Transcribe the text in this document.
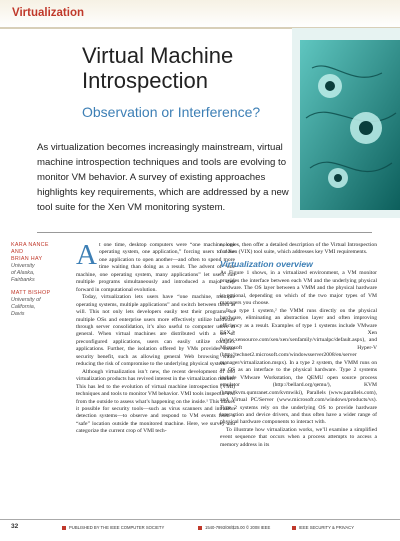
Virtualization
Virtual Machine Introspection
Observation or Interference?
As virtualization becomes increasingly mainstream, virtual machine introspection techniques and tools are evolving to monitor VM behavior. A survey of existing approaches highlights key requirements, which are addressed by a new tool suite for the Xen VM monitoring system.
KARA NANCE
AND
BRIAN HAY
University
of Alaska,
Fairbanks
MATT BISHOP
University of
California,
Davis
A t one time, desktop computers were “one machine, one operating system, one application,” forcing users to close one application to open another—and often to spend more time waiting than doing as a result. The advent of “one machine, one operating system, many applications” let users run multiple programs simultaneously and introduced a major step forward in computational evolution.

Today, virtualization lets users have “one machine, multiple operating systems, multiple applications” and switch between them at will. This not only lets developers easily test their programs on multiple OSs and enterprise users more effectively utilize hardware through server consolidation, it’s also useful to computer users in general. When virtual machines are distributed with a set of preconfigured applications, users can easily utilize complex applications. Further, the isolation offered by VMs provides some security benefit, such as allowing general Web browsing while reducing the risk of compromise to the underlying physical system.

Although virtualization isn’t new, the recent development of x86 virtualization products has revived interest in the virtualization market. This has led to the evolution of virtual machine introspection (VMI) techniques and tools to monitor VM behavior. VMI tools inspect a VM from the outside to assess what’s happening on the inside.¹ This makes it possible for security tools—such as virus scanners and intrusion detection systems—to observe and respond to VM events from a “safe” location outside the monitored machine. Here, we survey and categorize the current crop of VMI tech-

nologies, then offer a detailed description of the Virtual Introspection for Xen (VIX) tool suite, which addresses key VMI requirements.

Virtualization overview

As Figure 1 shows, in a virtualized environment, a VM monitor provides the interface between each VM and the underlying physical hardware. The OS layer between a VMM and the physical hardware is optional, depending on which of the two major types of VM managers you choose.

In a type 1 system,² the VMM runs directly on the physical hardware, eliminating an abstraction layer and often improving efficiency as a result. Examples of type 1 systems include VMware ESX,³ Xen (www.xensource.com/xen/xen/xenfamily/virtualpc/default.aspx), and Microsoft Hyper-V (http://technet2.microsoft.com/windowsserver2008/en/server manager/virtualization.mspx). In a type 2 system, the VMM runs on an OS as an interface to the physical hardware. Type 2 systems include VMware Workstation, the QEMU open source process emulator (http://bellard.org/qemu/), KVM (http://kvm.qumranet.com/kvmwiki), Parallels (www.parallels.com), and Virtual PC/Server (www.microsoft.com/windows/products/vs). Type 2 systems rely on the underlying OS to provide hardware interaction and device drivers, and thus often have a wider range of physical hardware components to interact with.

To illustrate how virtualization works, we’ll examine a simplified event sequence that occurs when a process attempts to access a memory address in its

32	PUBLISHED BY THE IEEE COMPUTER SOCIETY	1540-7993/08/$25.00 © 2008 IEEE	IEEE SECURITY & PRIVACY
